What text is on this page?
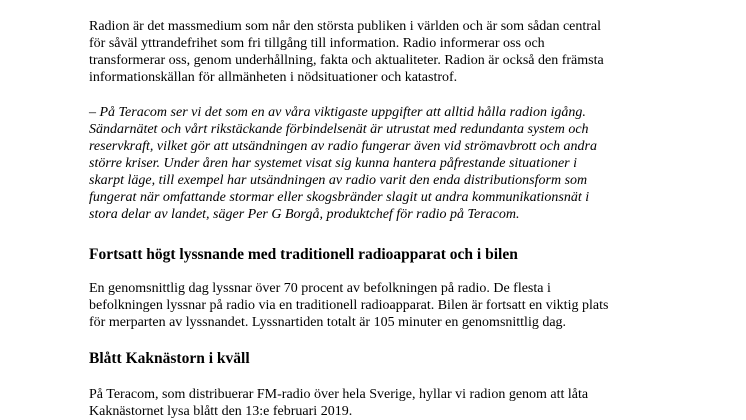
Radion är det massmedium som når den största publiken i världen och är som sådan central
för såväl yttrandefrihet som fri tillgång till information. Radio informerar oss och
transformerar oss, genom underhållning, fakta och aktualiteter. Radion är också den främsta
informationskällan för allmänheten i nödsituationer och katastrof.

– På Teracom ser vi det som en av våra viktigaste uppgifter att alltid hålla radion igång.
Sändarnätet och vårt rikstäckande förbindelsenät är utrustat med redundanta system och
reservkraft, vilket gör att utsändningen av radio fungerar även vid strömavbrott och andra
större kriser. Under åren har systemet visat sig kunna hantera påfrestande situationer i
skarpt läge, till exempel har utsändningen av radio varit den enda distributionsform som
fungerat när omfattande stormar eller skogsbränder slagit ut andra kommunikationsnät i
stora delar av landet, säger Per G Borgå, produktchef för radio på Teracom.

Fortsatt högt lyssnande med traditionell radioapparat och i bilen

En genomsnittlig dag lyssnar över 70 procent av befolkningen på radio. De flesta i
befolkningen lyssnar på radio via en traditionell radioapparat. Bilen är fortsatt en viktig plats
för merparten av lyssnandet. Lyssnartiden totalt är 105 minuter en genomsnittlig dag.

Blått Kaknästorn i kväll

På Teracom, som distribuerar FM-radio över hela Sverige, hyllar vi radion genom att låta
Kaknästornet lysa blått den 13:e februari 2019.
